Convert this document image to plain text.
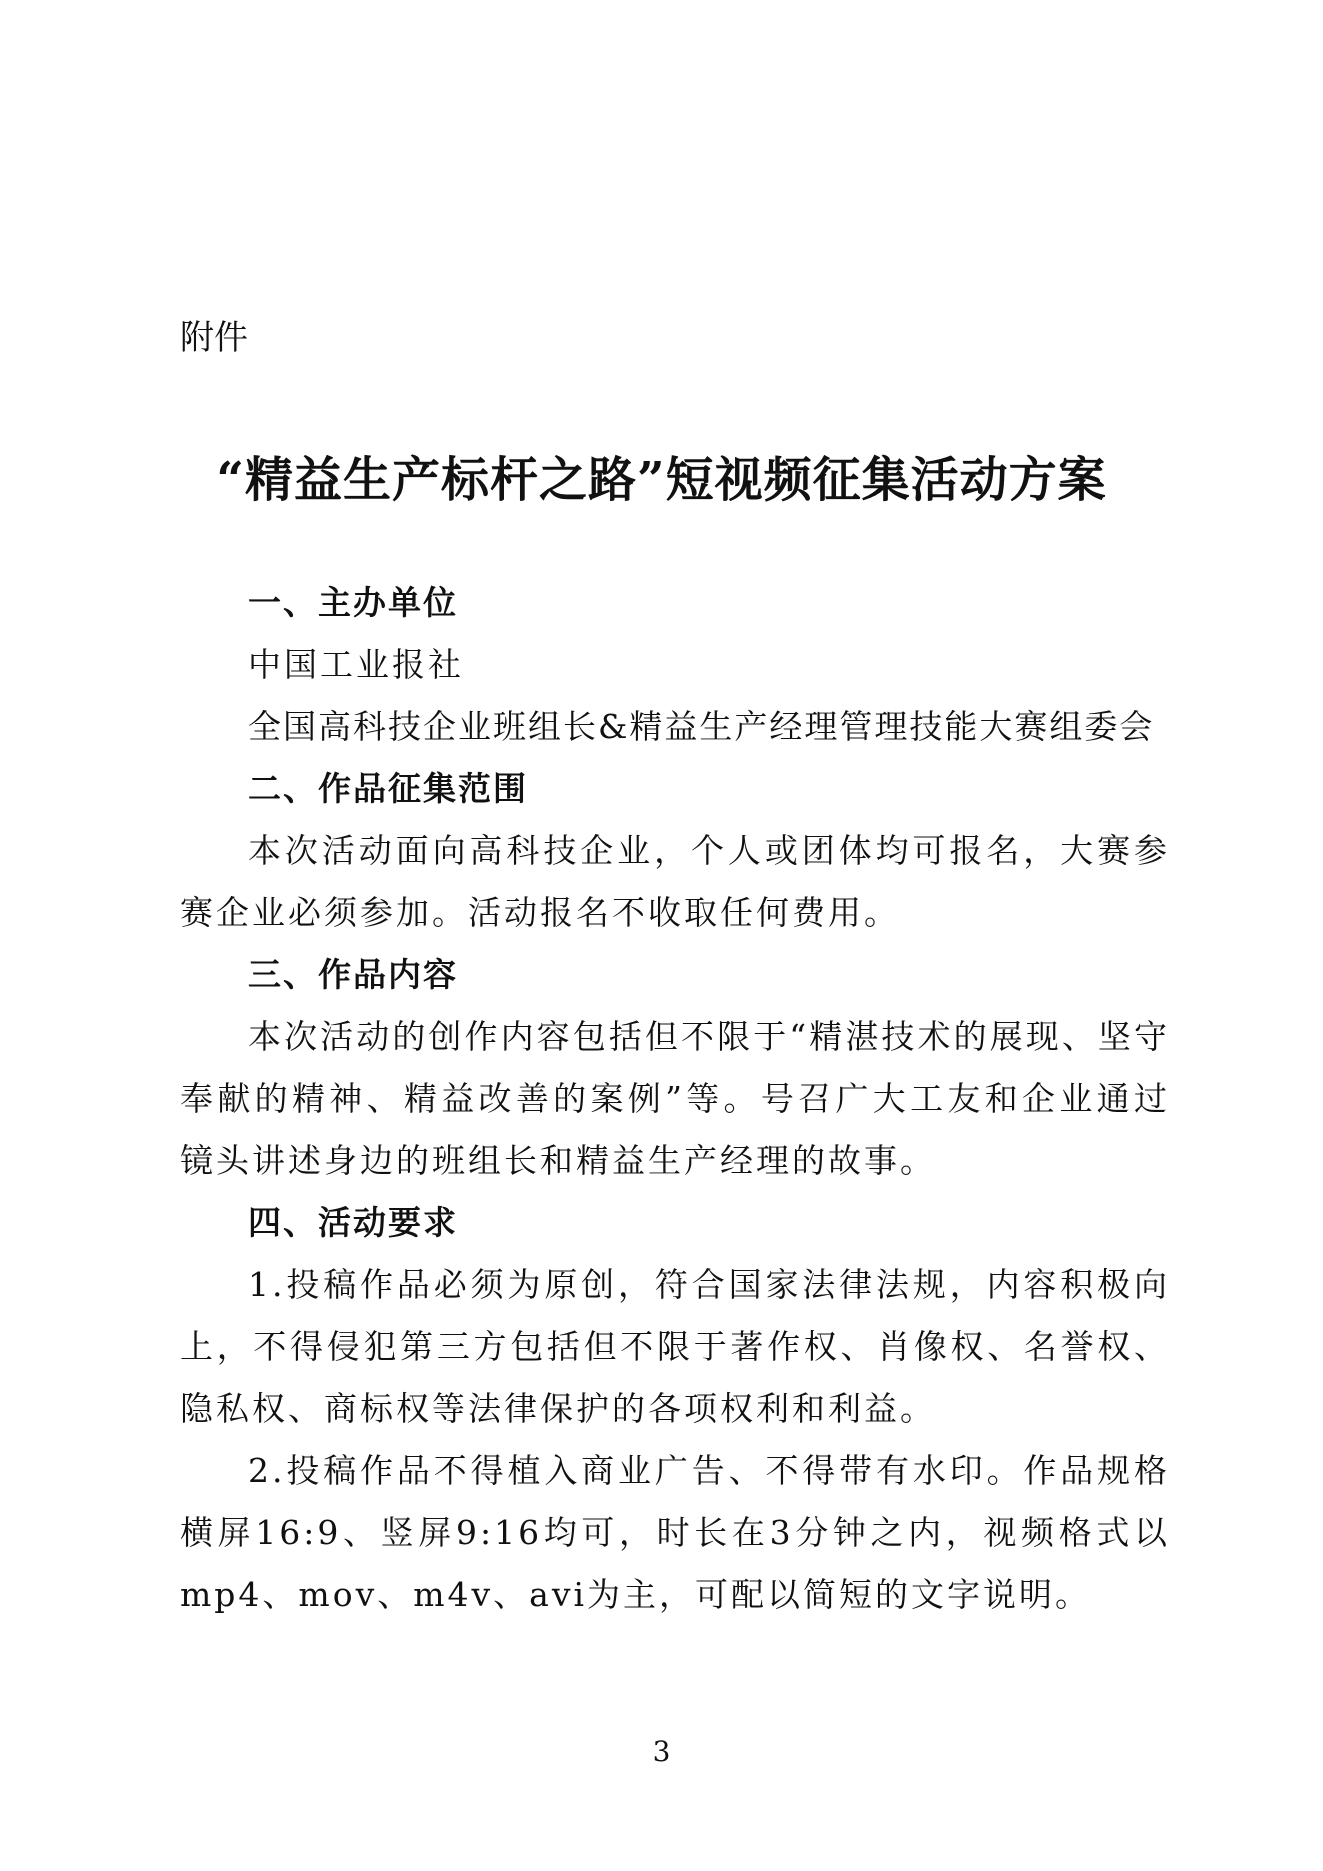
附件
“精益生产标杆之路”短视频征集活动方案
一、主办单位
中国工业报社
全国高科技企业班组长&精益生产经理管理技能大赛组委会
二、作品征集范围

本次活动面向高科技企业，个人或团体均可报名，大赛参赛企业必须参加。活动报名不收取任何费用。

三、作品内容

本次活动的创作内容包括但不限于“精湛技术的展现、坚守奉献的精神、精益改善的案例”等。号召广大工友和企业通过镜头讲述身边的班组长和精益生产经理的故事。

四、活动要求

1.投稿作品必须为原创，符合国家法律法规，内容积极向上，不得侵犯第三方包括但不限于著作权、肖像权、名誉权、隐私权、商标权等法律保护的各项权利和利益。

2.投稿作品不得植入商业广告、不得带有水印。作品规格横屏16:9、竖屏9:16均可，时长在3分钟之内，视频格式以mp4、mov、m4v、avi为主，可配以简短的文字说明。

3
